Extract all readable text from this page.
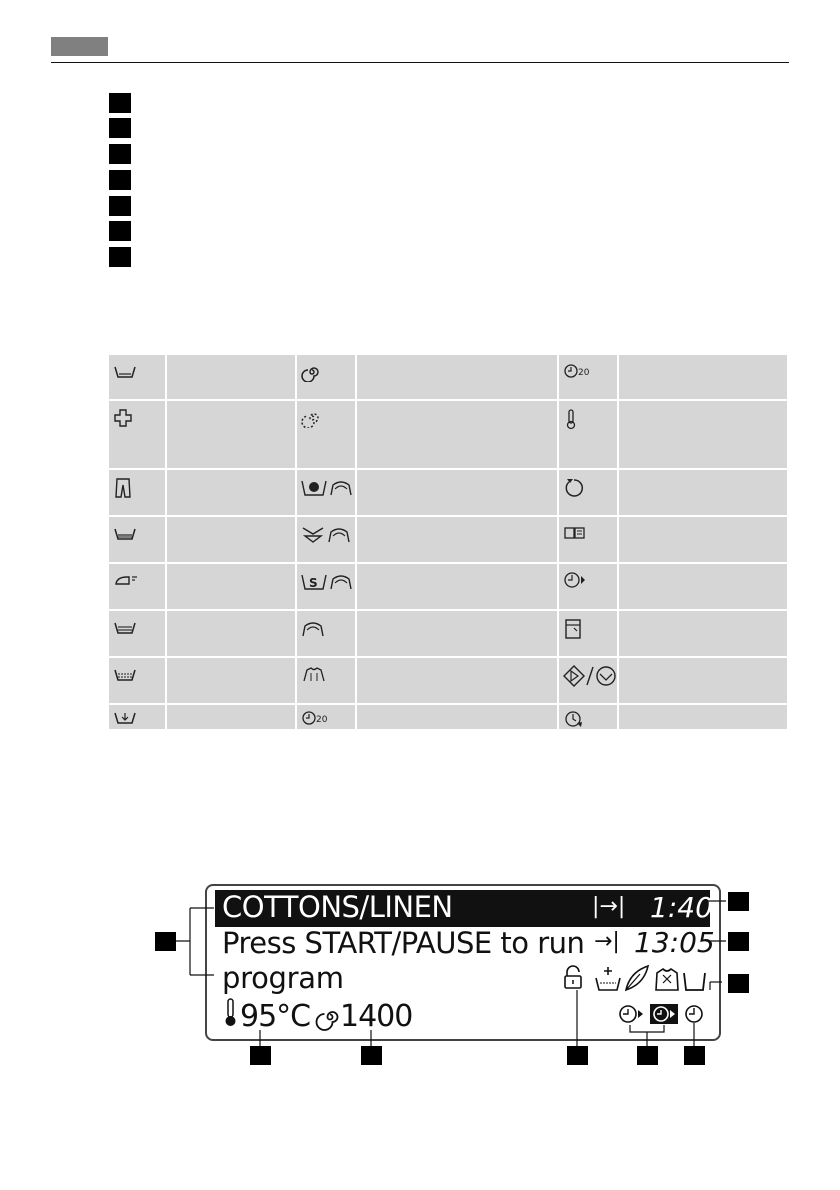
20	

S

20

COTTONS/LINEN	|→| 1:40
Press START/PAUSE to run →| 13:05
program
95°C 1400
